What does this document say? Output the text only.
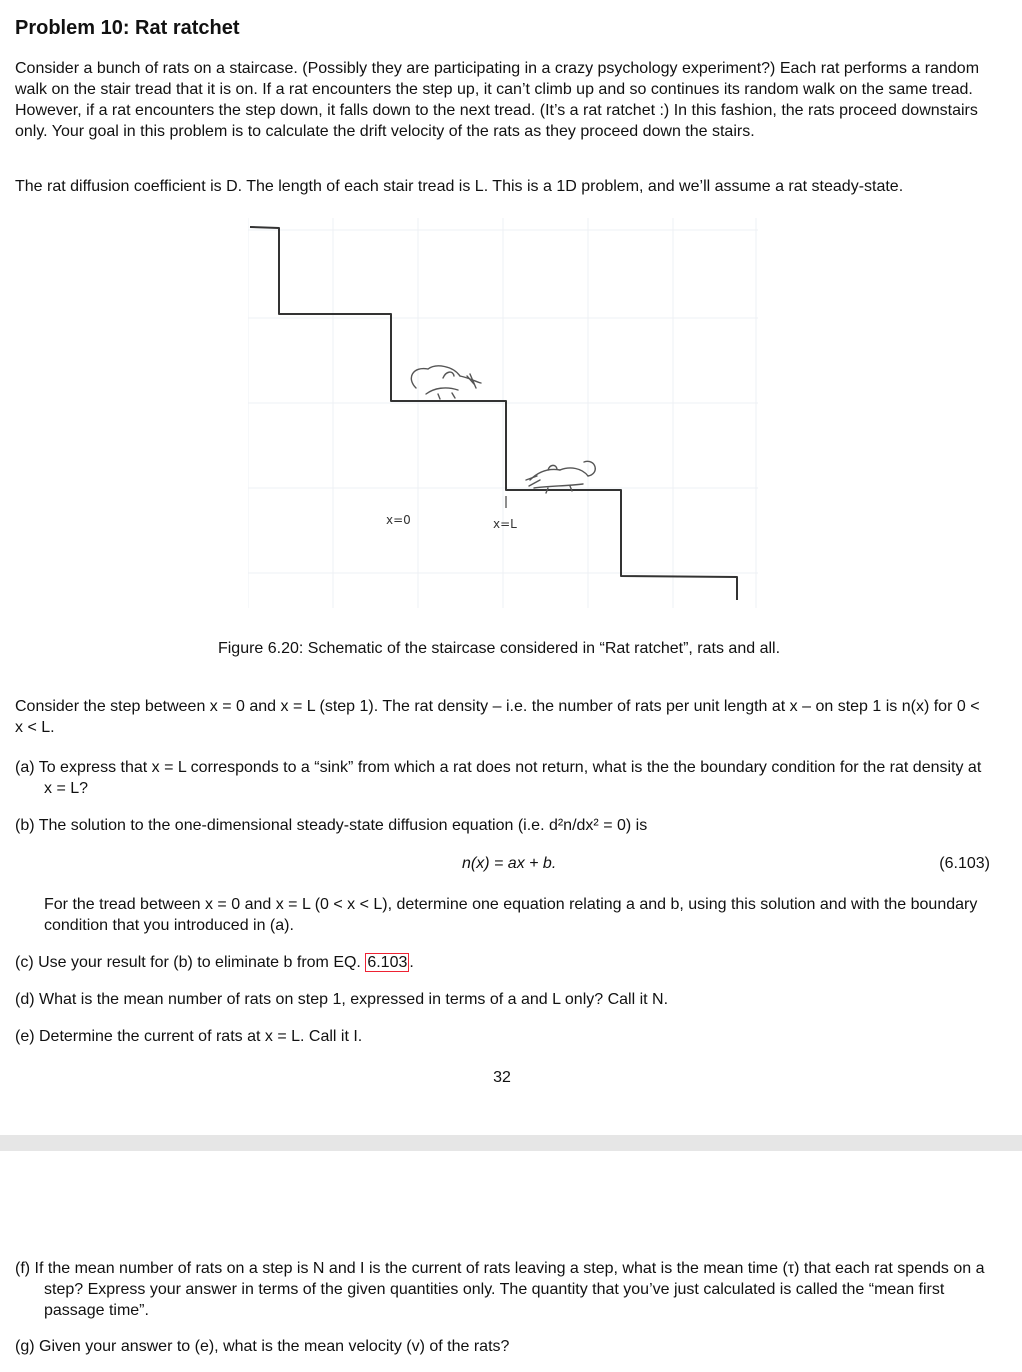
Problem 10: Rat ratchet

Consider a bunch of rats on a staircase. (Possibly they are participating in a crazy psychology experiment?) Each rat performs a random walk on the stair tread that it is on. If a rat encounters the step up, it can’t climb up and so continues its random walk on the same tread. However, if a rat encounters the step down, it falls down to the next tread. (It’s a rat ratchet :) In this fashion, the rats proceed downstairs only. Your goal in this problem is to calculate the drift velocity of the rats as they proceed down the stairs.

The rat diffusion coefficient is D. The length of each stair tread is L. This is a 1D problem, and we’ll assume a rat steady-state.

x=0	x=L

Figure 6.20: Schematic of the staircase considered in “Rat ratchet”, rats and all.

Consider the step between x = 0 and x = L (step 1). The rat density – i.e. the number of rats per unit length at x – on step 1 is n(x) for 0 < x < L.

(a) To express that x = L corresponds to a “sink” from which a rat does not return, what is the the boundary condition for the rat density at x = L?

(b) The solution to the one-dimensional steady-state diffusion equation (i.e. d²n/dx² = 0) is

n(x) = ax + b.	(6.103)

For the tread between x = 0 and x = L (0 < x < L), determine one equation relating a and b, using this solution and with the boundary condition that you introduced in (a).

(c) Use your result for (b) to eliminate b from EQ. 6.103 .

(d) What is the mean number of rats on step 1, expressed in terms of a and L only? Call it N.

(e) Determine the current of rats at x = L. Call it I.

32

(f) If the mean number of rats on a step is N and I is the current of rats leaving a step, what is the mean time (τ) that each rat spends on a step? Express your answer in terms of the given quantities only. The quantity that you’ve just calculated is called the “mean first passage time”.

(g) Given your answer to (e), what is the mean velocity (v) of the rats?
